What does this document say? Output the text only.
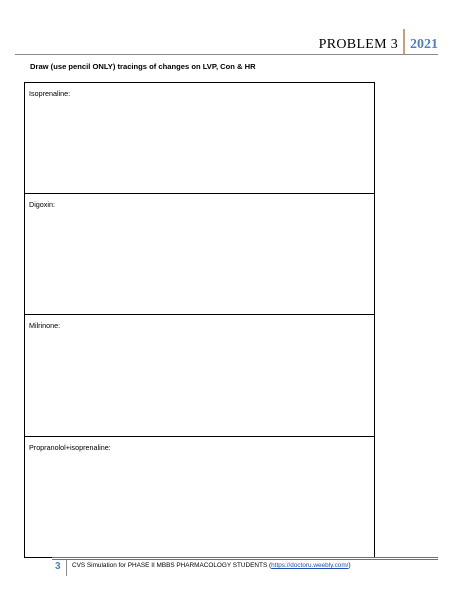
PROBLEM 3 2021
Draw (use pencil ONLY) tracings of changes on LVP, Con & HR
Isoprenaline:
Digoxin:
Milrinone:
Propranolol+isoprenaline:
3 CVS Simulation for PHASE II MBBS PHARMACOLOGY STUDENTS (https://doctoru.weebly.com/)
